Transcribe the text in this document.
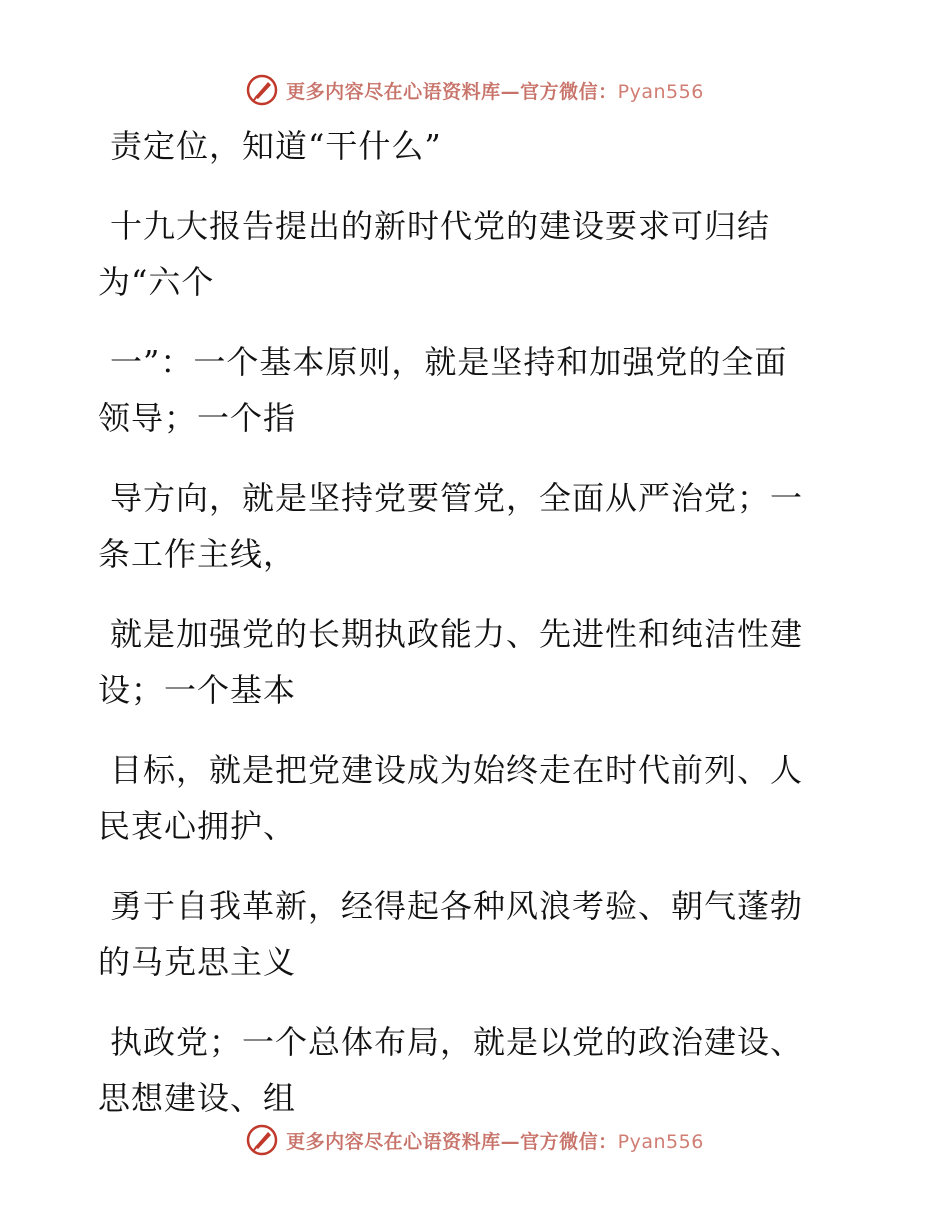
更多内容尽在心语资料库—官方微信：Pyan556

责定位，知道“干什么”

十九大报告提出的新时代党的建设要求可归结
为“六个

一”：一个基本原则，就是坚持和加强党的全面
领导；一个指

导方向，就是坚持党要管党，全面从严治党；一
条工作主线，

就是加强党的长期执政能力、先进性和纯洁性建
设；一个基本

目标，就是把党建设成为始终走在时代前列、人
民衷心拥护、

勇于自我革新，经得起各种风浪考验、朝气蓬勃
的马克思主义

执政党；一个总体布局，就是以党的政治建设、
思想建设、组

更多内容尽在心语资料库—官方微信：Pyan556
